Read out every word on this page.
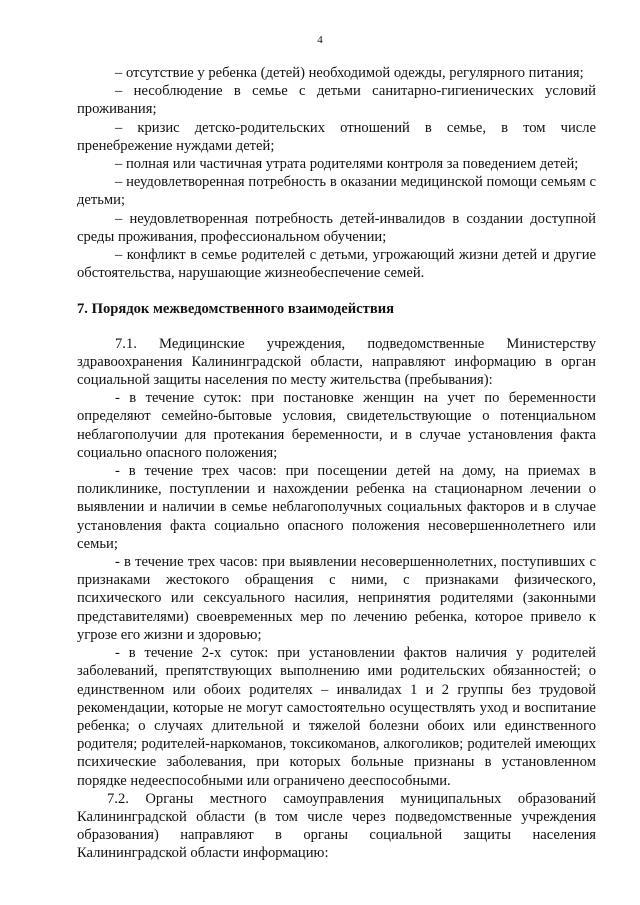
4

– отсутствие у ребенка (детей) необходимой одежды, регулярного питания;

– несоблюдение в семье с детьми санитарно-гигиенических условий проживания;

– кризис детско-родительских отношений в семье, в том числе пренебрежение нуждами детей;

– полная или частичная утрата родителями контроля за поведением детей;

– неудовлетворенная потребность в оказании медицинской помощи семьям с детьми;

– неудовлетворенная потребность детей-инвалидов в создании доступной среды проживания, профессиональном обучении;

– конфликт в семье родителей с детьми, угрожающий жизни детей и другие обстоятельства, нарушающие жизнеобеспечение семей.

7. Порядок межведомственного взаимодействия

7.1. Медицинские учреждения, подведомственные Министерству здравоохранения Калининградской области, направляют информацию в орган социальной защиты населения по месту жительства (пребывания):

- в течение суток: при постановке женщин на учет по беременности определяют семейно-бытовые условия, свидетельствующие о потенциальном неблагополучии для протекания беременности, и в случае установления факта социально опасного положения;

- в течение трех часов: при посещении детей на дому, на приемах в поликлинике, поступлении и нахождении ребенка на стационарном лечении о выявлении и наличии в семье неблагополучных социальных факторов и в случае установления факта социально опасного положения несовершеннолетнего или семьи;

- в течение трех часов: при выявлении несовершеннолетних, поступивших с признаками жестокого обращения с ними, с признаками физического, психического или сексуального насилия, непринятия родителями (законными представителями) своевременных мер по лечению ребенка, которое привело к угрозе его жизни и здоровью;

- в течение 2-х суток: при установлении фактов наличия у родителей заболеваний, препятствующих выполнению ими родительских обязанностей; о единственном или обоих родителях – инвалидах 1 и 2 группы без трудовой рекомендации, которые не могут самостоятельно осуществлять уход и воспитание ребенка; о случаях длительной и тяжелой болезни обоих или единственного родителя; родителей-наркоманов, токсикоманов, алкоголиков; родителей имеющих психические заболевания, при которых больные признаны в установленном порядке недееспособными или ограничено дееспособными.

7.2. Органы местного самоуправления муниципальных образований Калининградской области (в том числе через подведомственные учреждения образования) направляют в органы социальной защиты населения Калининградской области информацию:
